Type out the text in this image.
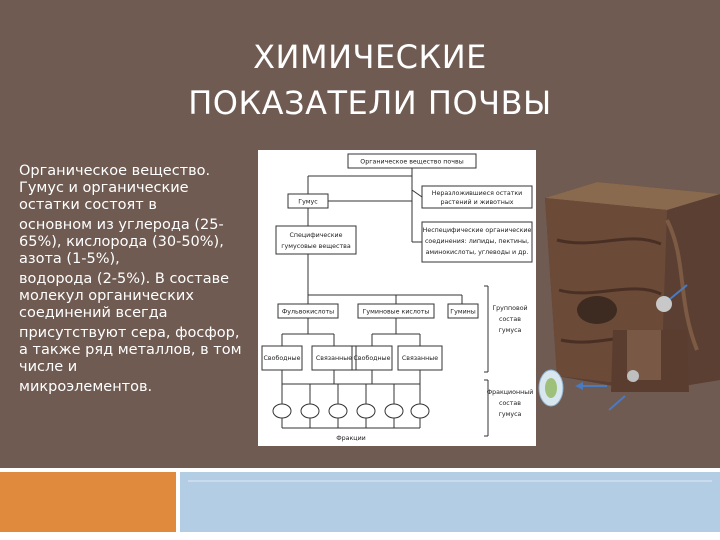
ХИМИЧЕСКИЕ
ПОКАЗАТЕЛИ ПОЧВЫ
Органическое вещество.
Гумус и органические
остатки состоят в

основном из углерода (25-
65%), кислорода (30-50%),
азота (1-5%),

водорода (2-5%). В составе
молекул органических
соединений всегда

присутствуют сера, фосфор,
а также ряд металлов, в том
числе и

микроэлементов.
Органическое вещество почвы
Гумус
Неразложившиеся остатки
растений и животных
Неспецифические органические
соединения: липиды, пектины,
аминокислоты, углеводы и др.
Специфические
гумусовые вещества
Фульвокислоты	Гуминовые кислоты	Гумины
Свободные Связанные Свободные Связанные
Фракции
Групповой
состав
гумуса
Фракционный
состав
гумуса
